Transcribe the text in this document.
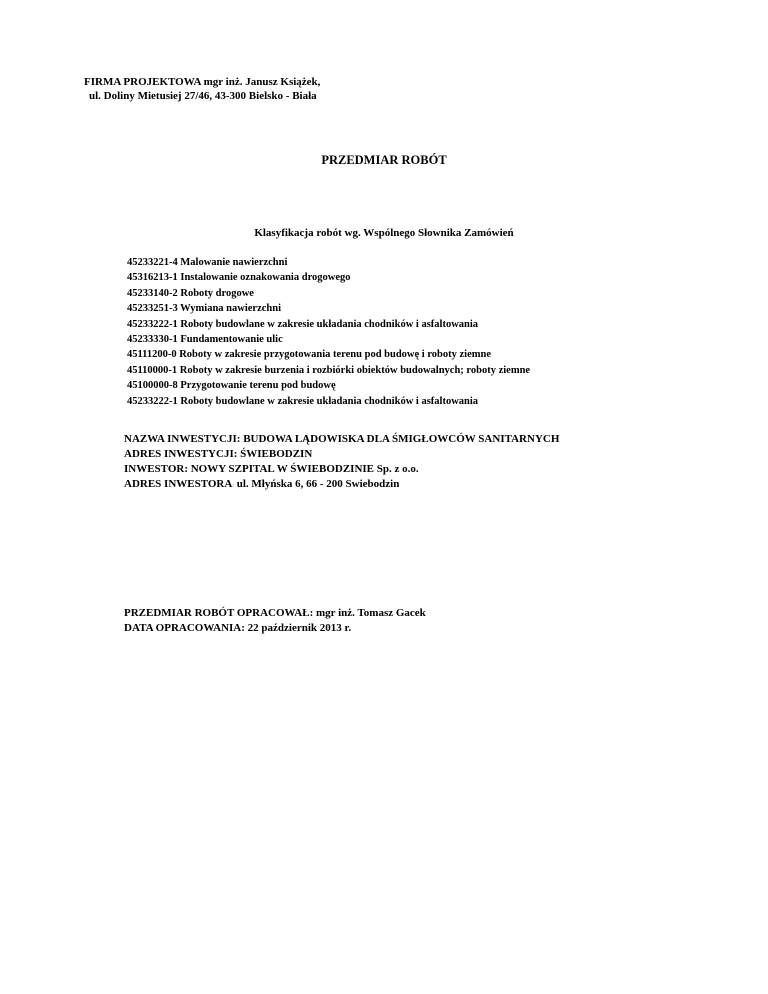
FIRMA PROJEKTOWA mgr inż. Janusz Książek,
ul. Doliny Mietusiej 27/46, 43-300 Bielsko - Biała
PRZEDMIAR ROBÓT
Klasyfikacja robót wg. Wspólnego Słownika Zamówień
45233221-4 Malowanie nawierzchni
45316213-1 Instalowanie oznakowania drogowego
45233140-2 Roboty drogowe
45233251-3 Wymiana nawierzchni
45233222-1 Roboty budowlane w zakresie układania chodników i asfaltowania
45233330-1 Fundamentowanie ulic
45111200-0 Roboty w zakresie przygotowania terenu pod budowę i roboty ziemne
45110000-1 Roboty w zakresie burzenia i rozbiórki obiektów budowalnych; roboty ziemne
45100000-8 Przygotowanie terenu pod budowę
45233222-1 Roboty budowlane w zakresie układania chodników i asfaltowania
NAZWA INWESTYCJI: BUDOWA LĄDOWISKA DLA ŚMIGŁOWCÓW SANITARNYCH
ADRES INWESTYCJI: ŚWIEBODZIN
INWESTOR: NOWY SZPITAL W ŚWIEBODZINIE Sp. z o.o.
ADRES INWESTORA: ul. Młyńska 6, 66 - 200 Swiebodzin
PRZEDMIAR ROBÓT OPRACOWAŁ: mgr inż. Tomasz Gacek
DATA OPRACOWANIA: 22 październik 2013 r.
